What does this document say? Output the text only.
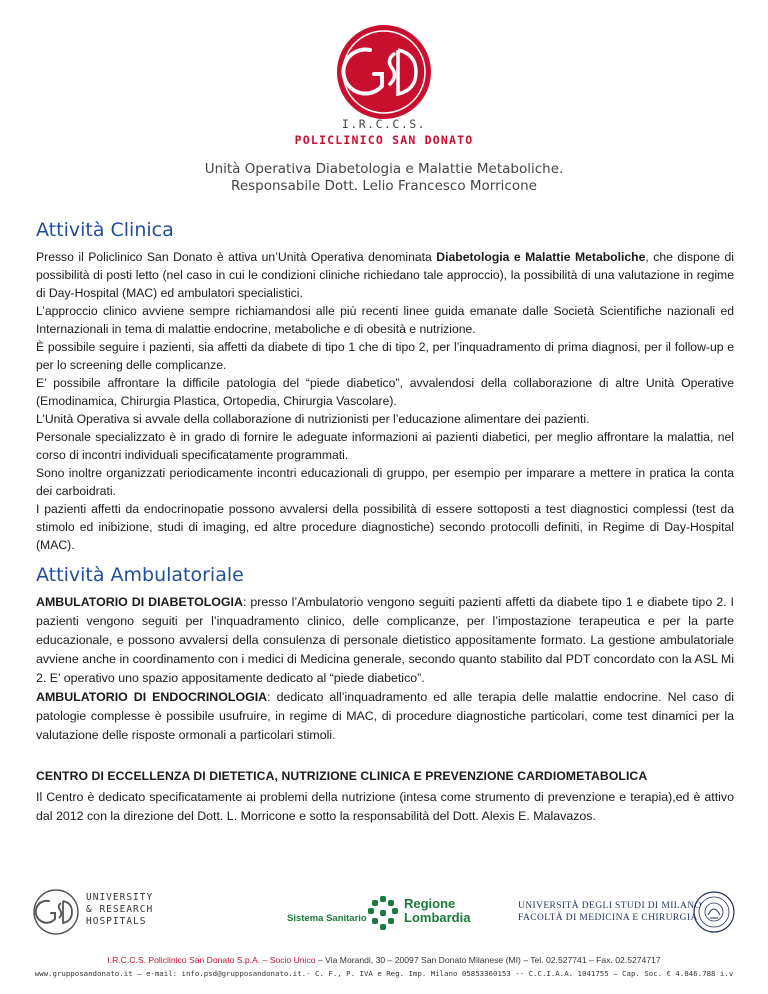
I.R.C.C.S.
POLICLINICO SAN DONATO
Unità Operativa Diabetologia e Malattie Metaboliche.
Responsabile Dott. Lelio Francesco Morricone
Attività Clinica

Presso il Policlinico San Donato è attiva un’Unità Operativa denominata Diabetologia e Malattie Metaboliche, che dispone di possibilità di posti letto (nel caso in cui le condizioni cliniche richiedano tale approccio), la possibilità di una valutazione in regime di Day-Hospital (MAC) ed ambulatori specialistici.
L’approccio clinico avviene sempre richiamandosi alle più recenti linee guida emanate dalle Società Scientifiche nazionali ed Internazionali in tema di malattie endocrine, metaboliche e di obesità e nutrizione.
È possibile seguire i pazienti, sia affetti da diabete di tipo 1 che di tipo 2, per l’inquadramento di prima diagnosi, per il follow-up e per lo screening delle complicanze.
E’ possibile affrontare la difficile patologia del “piede diabetico”, avvalendosi della collaborazione di altre Unità Operative (Emodinamica, Chirurgia Plastica, Ortopedia, Chirurgia Vascolare).
L’Unità Operativa si avvale della collaborazione di nutrizionisti per l’educazione alimentare dei pazienti.
Personale specializzato è in grado di fornire le adeguate informazioni ai pazienti diabetici, per meglio affrontare la malattia, nel corso di incontri individuali specificatamente programmati.
Sono inoltre organizzati periodicamente incontri educazionali di gruppo, per esempio per imparare a mettere in pratica la conta dei carboidrati.
I pazienti affetti da endocrinopatie possono avvalersi della possibilità di essere sottoposti a test diagnostici complessi (test da stimolo ed inibizione, studi di imaging, ed altre procedure diagnostiche) secondo protocolli definiti, in Regime di Day-Hospital (MAC).

Attività Ambulatoriale

AMBULATORIO DI DIABETOLOGIA: presso l’Ambulatorio vengono seguiti pazienti affetti da diabete tipo 1 e diabete tipo 2. I pazienti vengono seguiti per l’inquadramento clinico, delle complicanze, per l’impostazione terapeutica e per la parte educazionale, e possono avvalersi della consulenza di personale dietistico appositamente formato. La gestione ambulatoriale avviene anche in coordinamento con i medici di Medicina generale, secondo quanto stabilito dal PDT concordato con la ASL Mi 2. E’ operativo uno spazio appositamente dedicato al “piede diabetico”.

AMBULATORIO DI ENDOCRINOLOGIA: dedicato all’inquadramento ed alle terapia delle malattie endocrine. Nel caso di patologie complesse è possibile usufruire, in regime di MAC, di procedure diagnostiche particolari, come test dinamici per la valutazione delle risposte ormonali a particolari stimoli.

CENTRO DI ECCELLENZA DI DIETETICA, NUTRIZIONE CLINICA E PREVENZIONE CARDIOMETABOLICA

Il Centro è dedicato specificatamente ai problemi della nutrizione (intesa come strumento di prevenzione e terapia),ed è attivo dal 2012 con la direzione del Dott. L. Morricone e sotto la responsabilità del Dott. Alexis E. Malavazos.

UNIVERSITY
& RESEARCH
HOSPITALS	Sistema Sanitario
Regione
Lombardia
UNIVERSITÀ DEGLI STUDI DI MILANO
FACOLTÀ DI MEDICINA E CHIRURGIA
I.R.C.C.S. Policlinico San Donato S.p.A. – Socio Unico – Via Morandi, 30 – 20097 San Donato Milanese (MI) – Tel. 02.527741 – Fax. 02.5274717
www.grupposandonato.it – e-mail: info.psd@grupposandonato.it.- C. F., P. IVA e Reg. Imp. Milano 05853360153 -- C.C.I.A.A. 1041755 – Cap. Soc. € 4.846.788 i.v
